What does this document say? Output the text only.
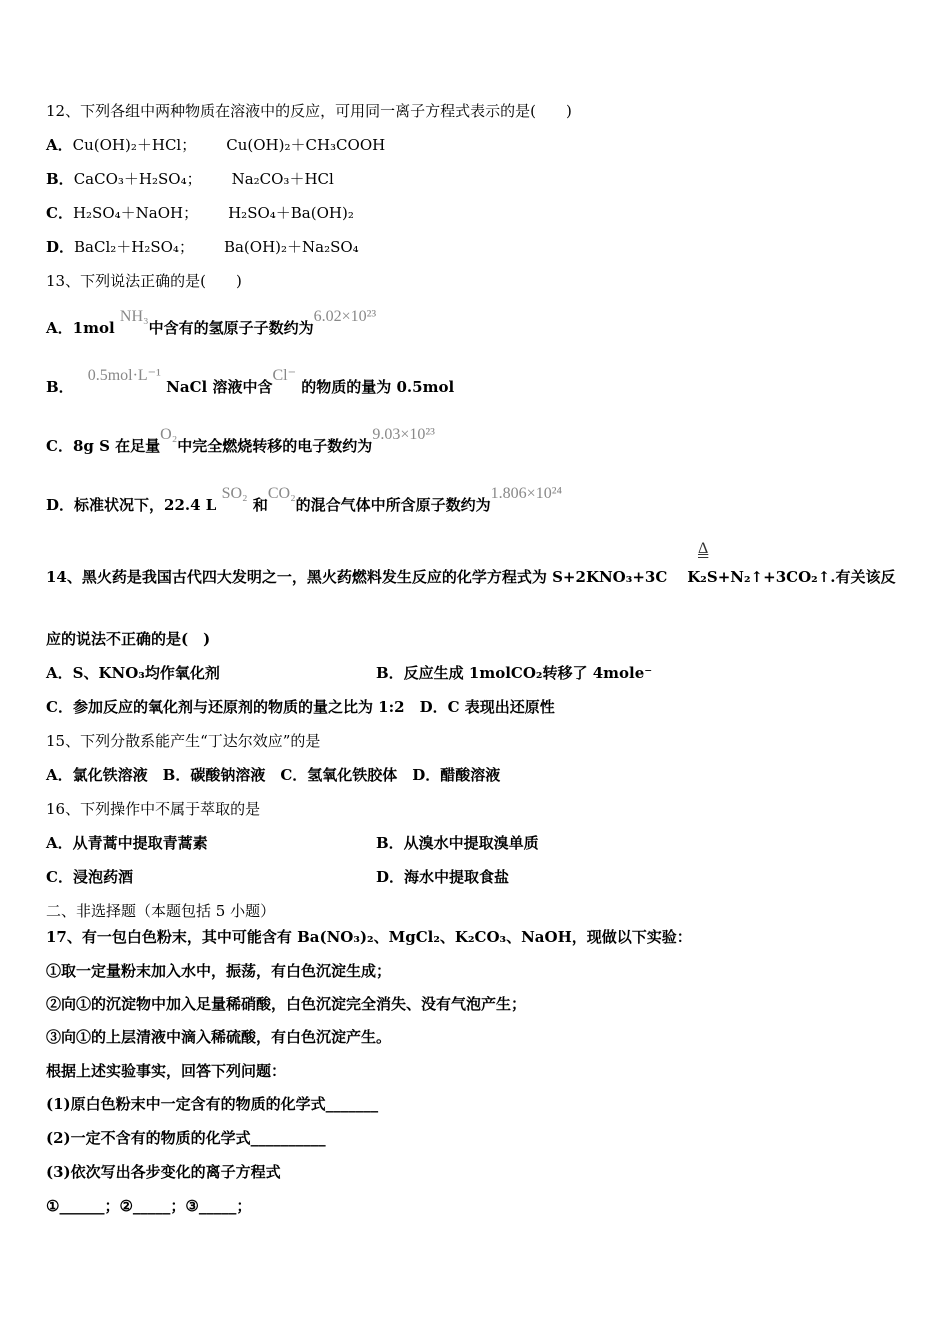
12、下列各组中两种物质在溶液中的反应，可用同一离子方程式表示的是(　　)
A．Cu(OH)₂＋HCl； Cu(OH)₂＋CH₃COOH
B．CaCO₃＋H₂SO₄； Na₂CO₃＋HCl
C．H₂SO₄＋NaOH； H₂SO₄＋Ba(OH)₂
D．BaCl₂＋H₂SO₄； Ba(OH)₂＋Na₂SO₄
13、下列说法正确的是(　　)
A．1mol NH₃中含有的氢原子子数约为6.02×10²³
B．0.5mol·L⁻¹ NaCl 溶液中含Cl⁻ 的物质的量为 0.5mol
C．8g S 在足量O₂中完全燃烧转移的电子数约为9.03×10²³
D．标准状况下，22.4 L SO₂ 和CO₂的混合气体中所含原子数约为1.806×10²⁴
Δ
14、黑火药是我国古代四大发明之一，黑火药燃料发生反应的化学方程式为 S+2KNO₃+3C K₂S+N₂↑+3CO₂↑.有关该反
应的说法不正确的是(　)
A．S、KNO₃均作氧化剂	B．反应生成 1molCO₂转移了 4mole⁻
C．参加反应的氧化剂与还原剂的物质的量之比为 1:2　D．C 表现出还原性
15、下列分散系能产生“丁达尔效应”的是
A．氯化铁溶液　B．碳酸钠溶液　C．氢氧化铁胶体　D．醋酸溶液
16、下列操作中不属于萃取的是
A．从青蒿中提取青蒿素	B．从溴水中提取溴单质
C．浸泡药酒	D．海水中提取食盐
二、非选择题（本题包括 5 小题）
17、有一包白色粉末，其中可能含有 Ba(NO₃)₂、MgCl₂、K₂CO₃、NaOH，现做以下实验：
①取一定量粉末加入水中，振荡，有白色沉淀生成；
②向①的沉淀物中加入足量稀硝酸，白色沉淀完全消失、没有气泡产生；
③向①的上层清液中滴入稀硫酸，有白色沉淀产生。
根据上述实验事实，回答下列问题：
(1)原白色粉末中一定含有的物质的化学式_______
(2)一定不含有的物质的化学式__________
(3)依次写出各步变化的离子方程式
①______；②_____；③_____；
